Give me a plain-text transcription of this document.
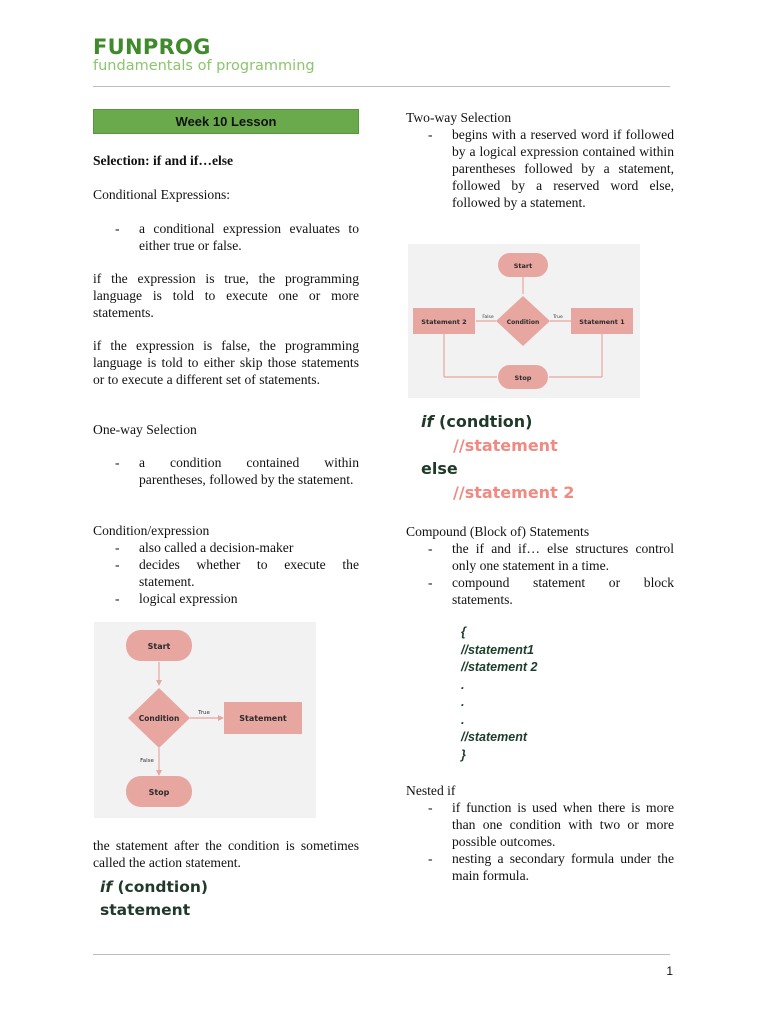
FUNPROG
fundamentals of programming
Week 10 Lesson

Selection: if and if…else

Conditional Expressions:

- a conditional expression evaluates to either true or false.

if the expression is true, the programming language is told to execute one or more statements.

if the expression is false, the programming language is told to either skip those statements or to execute a different set of statements.

One-way Selection

- a condition contained within parentheses, followed by the statement.

Condition/expression

- also called a decision-maker
- decides whether to execute the statement.
- logical expression
Start
Condition	Statement
Stop
True
False

the statement after the condition is sometimes called the action statement.

if (condtion)
statement

Two-way Selection

- begins with a reserved word if followed by a logical expression contained within parentheses followed by a statement, followed by a reserved word else, followed by a statement.
Start
Condition	Statement 1
Statement 2
Stop
True
False
if (condtion)
//statement
else
//statement 2

Compound (Block of) Statements

- the if and if… else structures control only one statement in a time.
- compound statement or block statements.
{
//statement1
//statement 2
.
.
.
//statement
}

Nested if

- if function is used when there is more than one condition with two or more possible outcomes.
- nesting a secondary formula under the main formula.
1
